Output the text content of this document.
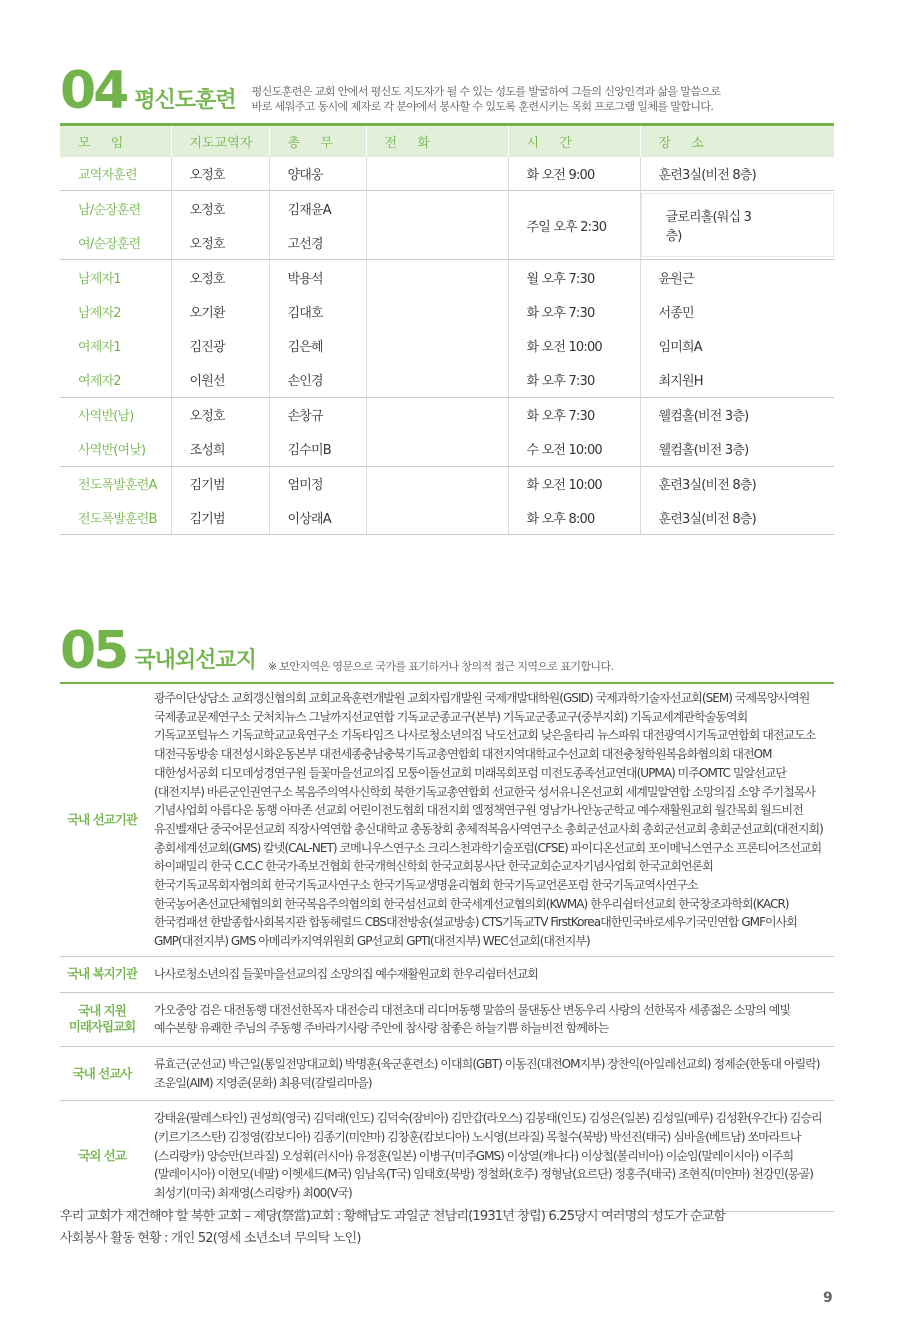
04 평신도훈련 평신도훈련은 교회 안에서 평신도 지도자가 될 수 있는 성도를 발굴하여 그들의 신앙인격과 삶을 말씀으로
바로 세워주고 동시에 제자로 각 분야에서 봉사할 수 있도록 훈련시키는 목회 프로그램 일체를 말합니다.
모 임	지도교역자	총 무	전 화	시 간	장 소
교역자훈련	오정호	양대웅		화 오전 9:00	훈련3실(비전 8층)
남/순장훈련	오정호	김재윤A		주일 오후 2:30	글로리홀(워십 3층)
여/순장훈련	오정호	고선경			
남제자1	오정호	박용석		월 오후 7:30	윤원근
남제자2	오기환	김대호		화 오후 7:30	서종민
여제자1	김진광	김은혜		화 오전 10:00	임미희A
여제자2	이원선	손인경		화 오후 7:30	최지원H
사역반(남)	오정호	손창규		화 오후 7:30	웰컴홀(비전 3층)
사역반(여낮)	조성희	김수미B		수 오전 10:00	웰컴홀(비전 3층)
전도폭발훈련A	김기범	엄미정		화 오전 10:00	훈련3실(비전 8층)
전도폭발훈련B	김기범	이상래A		화 오후 8:00	훈련3실(비전 8층)
05 국내외선교지 ※ 보안지역은 영문으로 국가를 표기하거나 창의적 접근 지역으로 표기합니다.
국내 선교기관
광주이단상담소 교회갱신협의회 교회교육훈련개발원 교회자립개발원 국제개발대학원(GSID) 국제과학기술자선교회(SEM) 국제목양사역원 국제종교문제연구소 굿처치뉴스 그날까지선교연합 기독교군종교구(본부) 기독교군종교구(중부지회) 기독교세계관학술동역회 기독교포털뉴스 기독교학교교육연구소 기독타임즈 나사로청소년의집 낙도선교회 낮은울타리 뉴스파워 대전광역시기독교연합회 대전교도소 대전극동방송 대전성시화운동본부 대전세종충남충북기독교총연합회 대전지역대학교수선교회 대전충청학원복음화협의회 대전OM 대한성서공회 디모데성경연구원 들꽃마을선교의집 모퉁이돌선교회 미래목회포럼 미전도종족선교연대(UPMA) 미주OMTC 밀알선교단(대전지부) 바른군인권연구소 복음주의역사신학회 북한기독교총연합회 선교한국 성서유니온선교회 세계밀알연합 소망의집 소양 주기철목사 기념사업회 아름다운 동행 아마존 선교회 어린이전도협회 대전지회 엘정책연구원 영남가나안농군학교 예수재활원교회 월간목회 월드비전 유진벨재단 중국어문선교회 직장사역연합 총신대학교 총동창회 총체적복음사역연구소 총회군선교사회 총회군선교회 총회군선교회(대전지회) 총회세계선교회(GMS) 칼넷(CAL-NET) 코메니우스연구소 크리스천과학기술포럼(CFSE) 파이디온선교회 포이메닉스연구소 프론티어즈선교회 하이패밀리 한국 C.C.C 한국가족보건협회 한국개혁신학회 한국교회봉사단 한국교회순교자기념사업회 한국교회언론회 한국기독교목회자협의회 한국기독교사연구소 한국기독교생명윤리협회 한국기독교언론포럼 한국기독교역사연구소 한국농어촌선교단체협의회 한국복음주의협의회 한국섬선교회 한국세계선교협의회(KWMA) 한우리쉼터선교회 한국창조과학회(KACR) 한국컴패션 한밭종합사회복지관 합동헤럴드 CBS대전방송(설교방송) CTS기독교TV FirstKorea대한민국바로세우기국민연합 GMF이사회 GMP(대전지부) GMS 아메리카지역위원회 GP선교회 GPTI(대전지부) WEC선교회(대전지부)
국내 복지기관	나사로청소년의집 들꽃마을선교의집 소망의집 예수재활원교회 한우리쉼터선교회
국내 지원
미래자립교회
가오중앙 검은 대전동행 대전선한목자 대전승리 대전초대 리디머동행 말씀의 물댄동산 변동우리 사랑의 선한목자 세종젊은 소망의 예빛 예수본향 유쾌한 주님의 주동행 주바라기사랑 주안에 참사랑 참좋은 하늘기쁨 하늘비전 함께하는
국내 선교사
류효근(군선교) 박근일(통일전망대교회) 박명훈(육군훈련소) 이대희(GBT) 이동진(대전OM지부) 장찬익(아일레선교회) 정제순(한동대 아릴락) 조운일(AIM) 지영준(문화) 최용덕(갈릴리마을)
국외 선교
강태윤(팔레스타인) 권성희(영국) 김덕래(인도) 김덕숙(잠비아) 김만갑(라오스) 김봉태(인도) 김성은(일본) 김성일(페루) 김성환(우간다) 김승리(키르기즈스탄) 김정영(캄보디아) 김종기(미얀마) 김창훈(캄보디아) 노시영(브라질) 목철수(북방) 박선진(태국) 심바울(베트남) 쏘마라트나(스리랑카) 양승만(브라질) 오성휘(러시아) 유정훈(일본) 이병구(미주GMS) 이상열(캐나다) 이상철(볼리비아) 이순임(말레이시아) 이주희(말레이시아) 이현모(네팔) 이헷세드(M국) 임남옥(T국) 임태호(북방) 정철화(호주) 정형남(요르단) 정홍주(태국) 조현직(미얀마) 천강민(몽골) 최성기(미국) 최재영(스리랑카) 최00(V국)
우리 교회가 재건해야 할 북한 교회 – 제당(祭當)교회 : 황해남도 과일군 천남리(1931년 창립) 6.25당시 여러명의 성도가 순교함
사회봉사 활동 현황 : 개인 52(영세 소년소녀 무의탁 노인)
9
